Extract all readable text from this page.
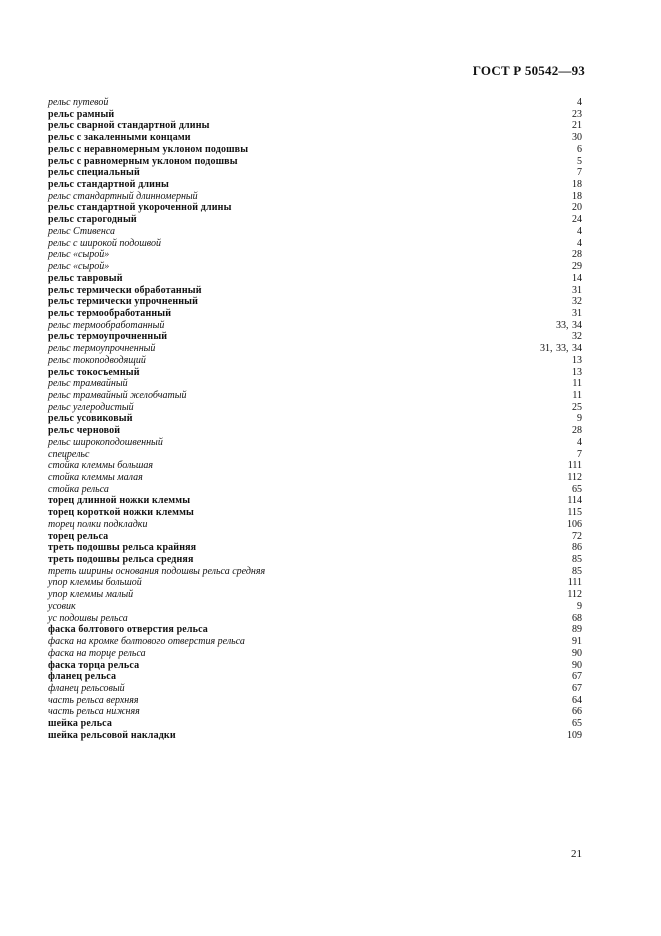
ГОСТ Р 50542—93
рельс путевой	4
рельс рамный	23
рельс сварной стандартной длины	21
рельс с закаленными концами	30
рельс с неравномерным уклоном подошвы	6
рельс с равномерным уклоном подошвы	5
рельс специальный	7
рельс стандартной длины	18
рельс стандартный длинномерный	18
рельс стандартной укороченной длины	20
рельс старогодный	24
рельс Стивенса	4
рельс с широкой подошвой	4
рельс «сырой»	28
рельс «сырой»	29
рельс тавровый	14
рельс термически обработанный	31
рельс термически упрочненный	32
рельс термообработанный	31
рельс термообработанный	33, 34
рельс термоупрочненный	32
рельс термоупрочненный	31, 33, 34
рельс токоподводящий	13
рельс токосъемный	13
рельс трамвайный	11
рельс трамвайный желобчатый	11
рельс углеродистый	25
рельс усовиковый	9
рельс черновой	28
рельс широкоподошвенный	4
спецрельс	7
стойка клеммы большая	111
стойка клеммы малая	112
стойка рельса	65
торец длинной ножки клеммы	114
торец короткой ножки клеммы	115
торец полки подкладки	106
торец рельса	72
треть подошвы рельса крайняя	86
треть подошвы рельса средняя	85
треть ширины основания подошвы рельса средняя	85
упор клеммы большой	111
упор клеммы малый	112
усовик	9
ус подошвы рельса	68
фаска болтового отверстия рельса	89
фаска на кромке болтового отверстия рельса	91
фаска на торце рельса	90
фаска торца рельса	90
фланец рельса	67
фланец рельсовый	67
часть рельса верхняя	64
часть рельса нижняя	66
шейка рельса	65
шейка рельсовой накладки	109
21
